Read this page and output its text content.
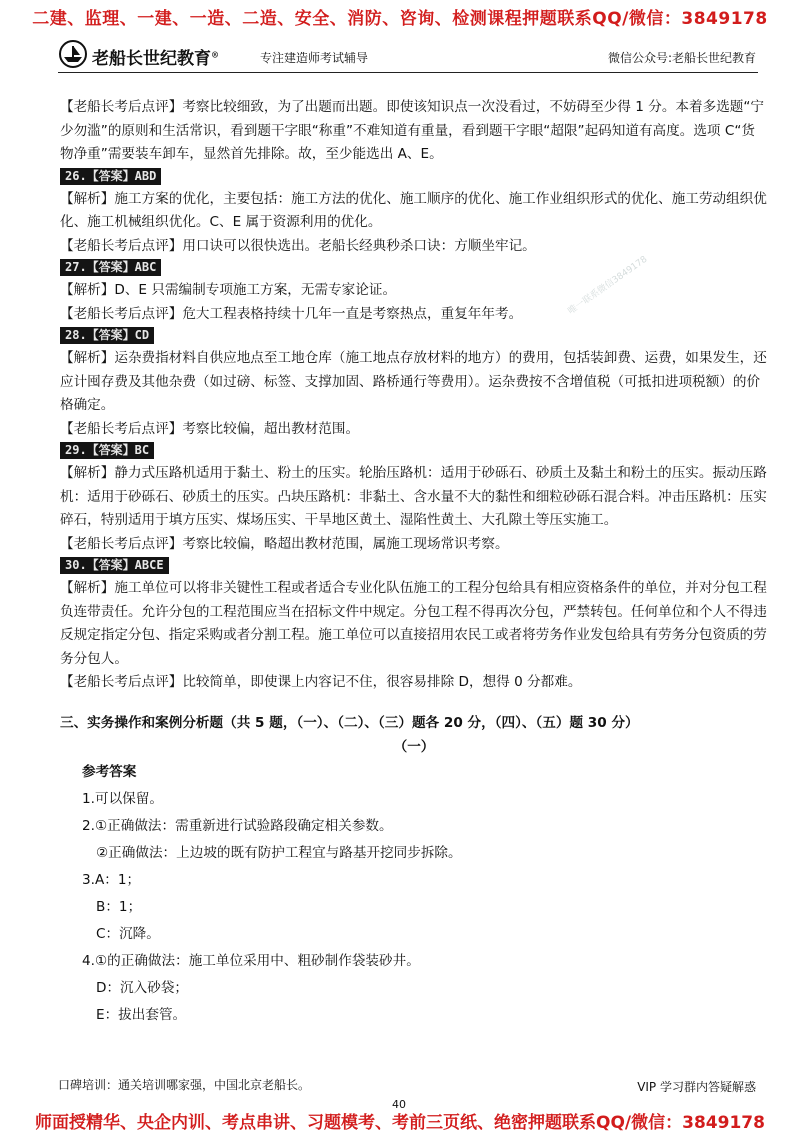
二建、监理、一建、一造、二造、安全、消防、咨询、检测课程押题联系QQ/微信：3849178
老船长世纪教育®	专注建造师考试辅导	微信公众号:老船长世纪教育
唯一联系微信3849178

【老船长考后点评】考察比较细致，为了出题而出题。即使该知识点一次没看过，不妨碍至少得 1 分。本着多选题“宁少勿滥”的原则和生活常识，看到题干字眼“称重”不难知道有重量，看到题干字眼“超限”起码知道有高度。选项 C“货物净重”需要装车卸车，显然首先排除。故，至少能选出 A、E。

26.【答案】ABD

【解析】施工方案的优化，主要包括：施工方法的优化、施工顺序的优化、施工作业组织形式的优化、施工劳动组织优化、施工机械组织优化。C、E 属于资源利用的优化。

【老船长考后点评】用口诀可以很快选出。老船长经典秒杀口诀：方顺坐牢记。

27.【答案】ABC

【解析】D、E 只需编制专项施工方案，无需专家论证。

【老船长考后点评】危大工程表格持续十几年一直是考察热点，重复年年考。

28.【答案】CD

【解析】运杂费指材料自供应地点至工地仓库（施工地点存放材料的地方）的费用，包括装卸费、运费，如果发生，还应计囤存费及其他杂费（如过磅、标签、支撑加固、路桥通行等费用）。运杂费按不含增值税（可抵扣进项税额）的价格确定。

【老船长考后点评】考察比较偏，超出教材范围。

29.【答案】BC

【解析】静力式压路机适用于黏土、粉土的压实。轮胎压路机：适用于砂砾石、砂质土及黏土和粉土的压实。振动压路机：适用于砂砾石、砂质土的压实。凸块压路机：非黏土、含水量不大的黏性和细粒砂砾石混合料。冲击压路机：压实碎石，特别适用于填方压实、煤场压实、干旱地区黄土、湿陷性黄土、大孔隙土等压实施工。

【老船长考后点评】考察比较偏，略超出教材范围，属施工现场常识考察。

30.【答案】ABCE

【解析】施工单位可以将非关键性工程或者适合专业化队伍施工的工程分包给具有相应资格条件的单位，并对分包工程负连带责任。允许分包的工程范围应当在招标文件中规定。分包工程不得再次分包，严禁转包。任何单位和个人不得违反规定指定分包、指定采购或者分割工程。施工单位可以直接招用农民工或者将劳务作业发包给具有劳务分包资质的劳务分包人。

【老船长考后点评】比较简单，即使课上内容记不住，很容易排除 D，想得 0 分都难。

三、实务操作和案例分析题（共 5 题，（一）、（二）、（三）题各 20 分，（四）、（五）题 30 分）
（一）
参考答案
1.可以保留。
2.①正确做法：需重新进行试验路段确定相关参数。
②正确做法：上边坡的既有防护工程宜与路基开挖同步拆除。
3.A：1；
B：1；
C：沉降。
4.①的正确做法：施工单位采用中、粗砂制作袋装砂井。
D：沉入砂袋；
E：拔出套管。
口碑培训：通关培训哪家强，中国北京老船长。	VIP 学习群内答疑解惑
40
师面授精华、央企内训、考点串讲、习题模考、考前三页纸、绝密押题联系QQ/微信：3849178
